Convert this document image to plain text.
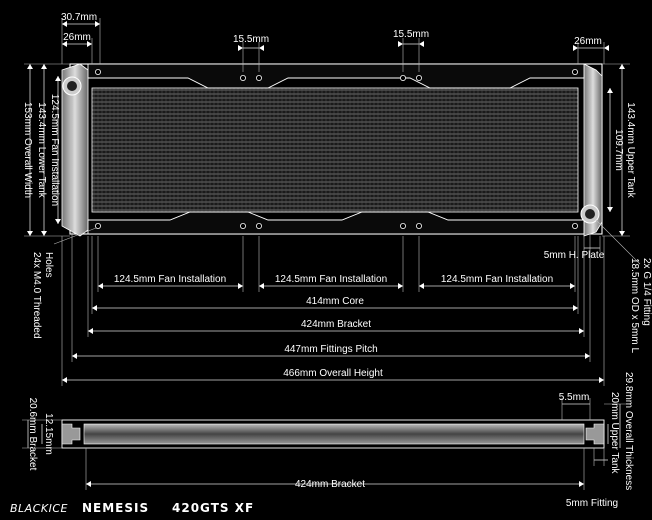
30.7mm
26mm	15.5mm	15.5mm
26mm
153mm Overall Width 143.4mm Lower Tank 124.5mm Fan Installation	143.4mm Upper Tank
109.7mm
5mm H. Plate
124.5mm Fan Installation	124.5mm Fan Installation	124.5mm Fan Installation
414mm Core
424mm Bracket
447mm Fittings Pitch
466mm Overall Height
24x M4.0 Threaded Holes	2x G 1/4 Fitting
18.5mm OD x 5mm L
20.6mm Bracket 12.15mm
5.5mm 20mm Upper Tank 29.8mm Overall Thickness
424mm Bracket
5mm Fitting
BLACKICE NEMESIS 420GTS XF
